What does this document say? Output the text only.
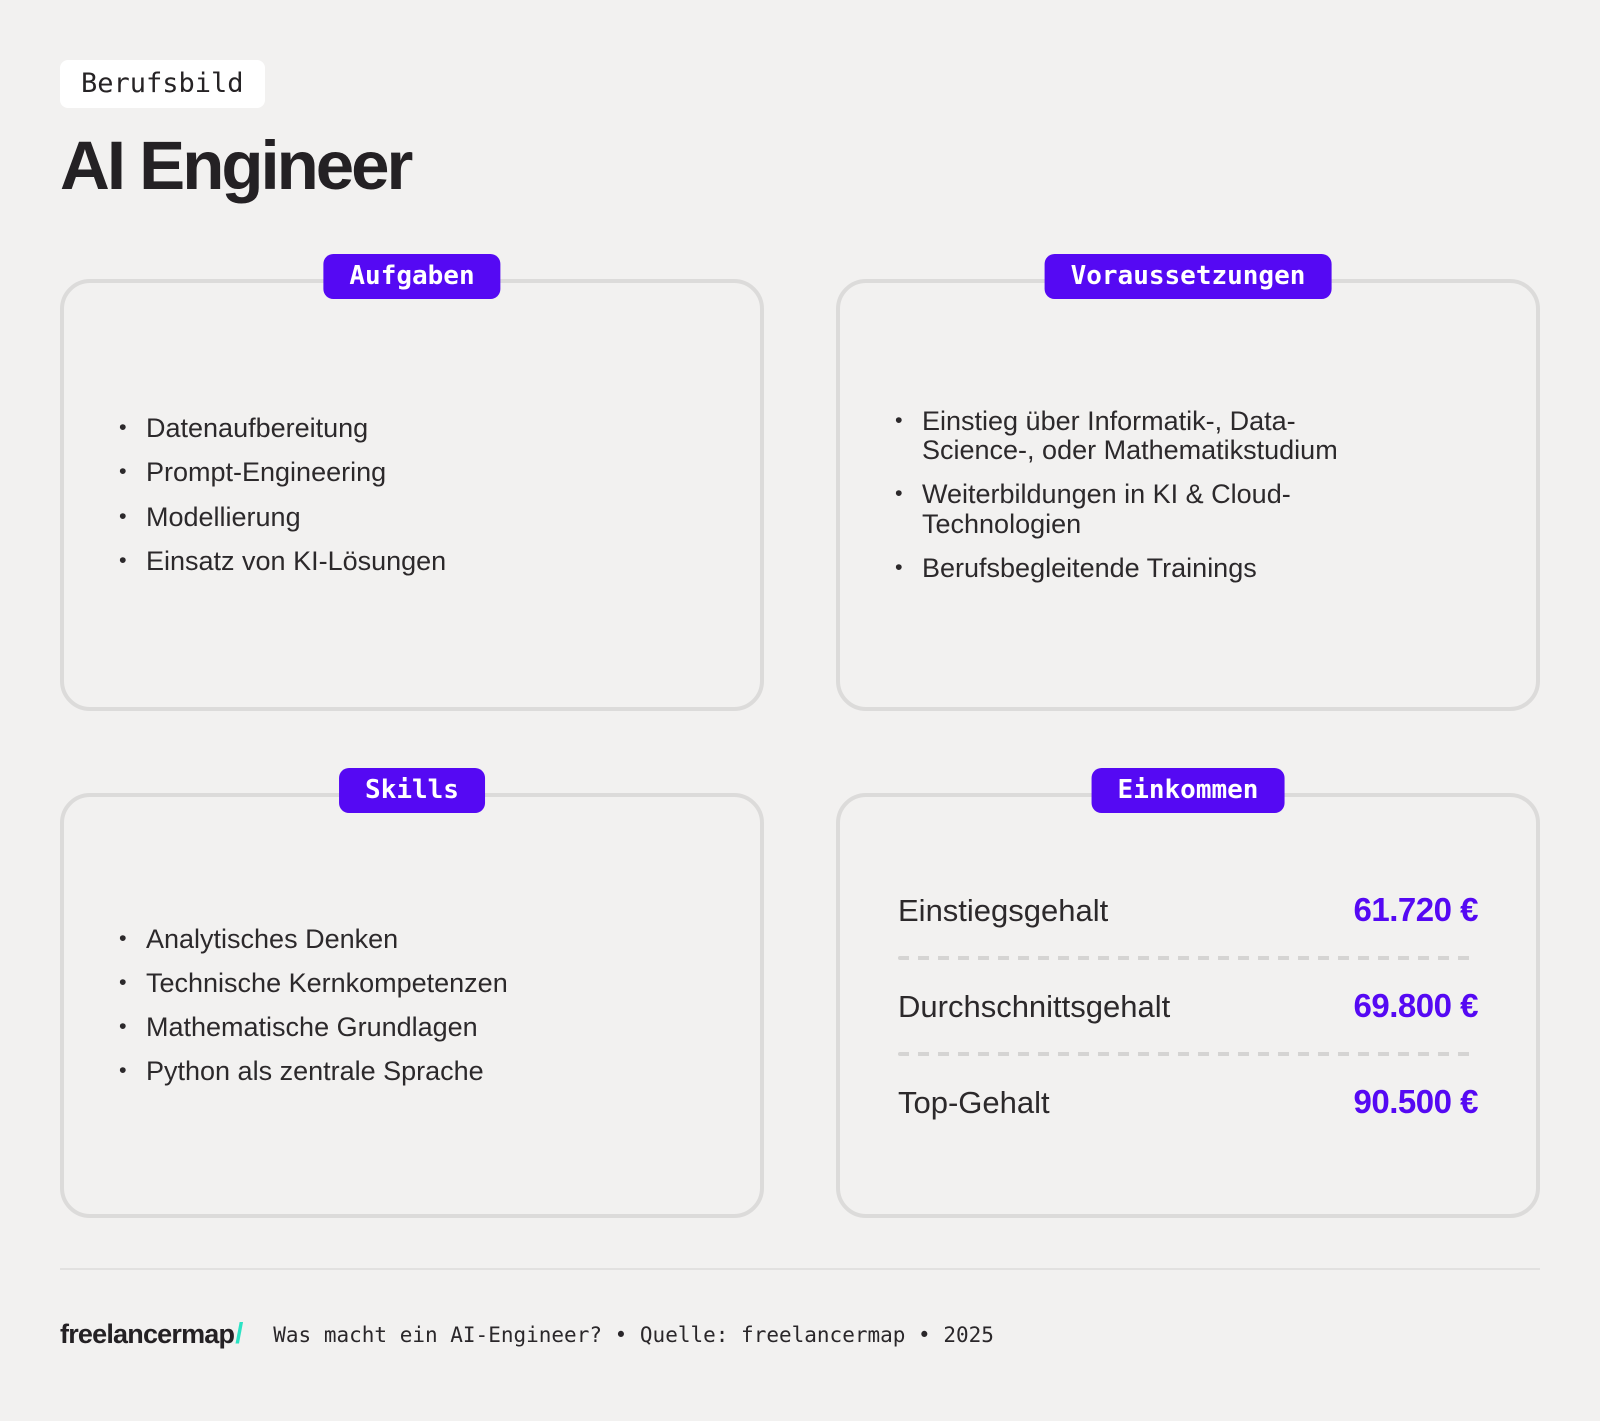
Berufsbild
AI Engineer
Aufgaben
• Datenaufbereitung
• Prompt-Engineering
• Modellierung
• Einsatz von KI-Lösungen
Voraussetzungen
• Einstieg über Informatik-, Data-Science-, oder Mathematikstudium
• Weiterbildungen in KI & Cloud-Technologien
• Berufsbegleitende Trainings
Skills
• Analytisches Denken
• Technische Kernkompetenzen
• Mathematische Grundlagen
• Python als zentrale Sprache
Einkommen
Einstiegsgehalt	61.720 €
Durchschnittsgehalt	69.800 €
Top-Gehalt	90.500 €
freelancermap/ Was macht ein AI-Engineer? • Quelle: freelancermap • 2025
